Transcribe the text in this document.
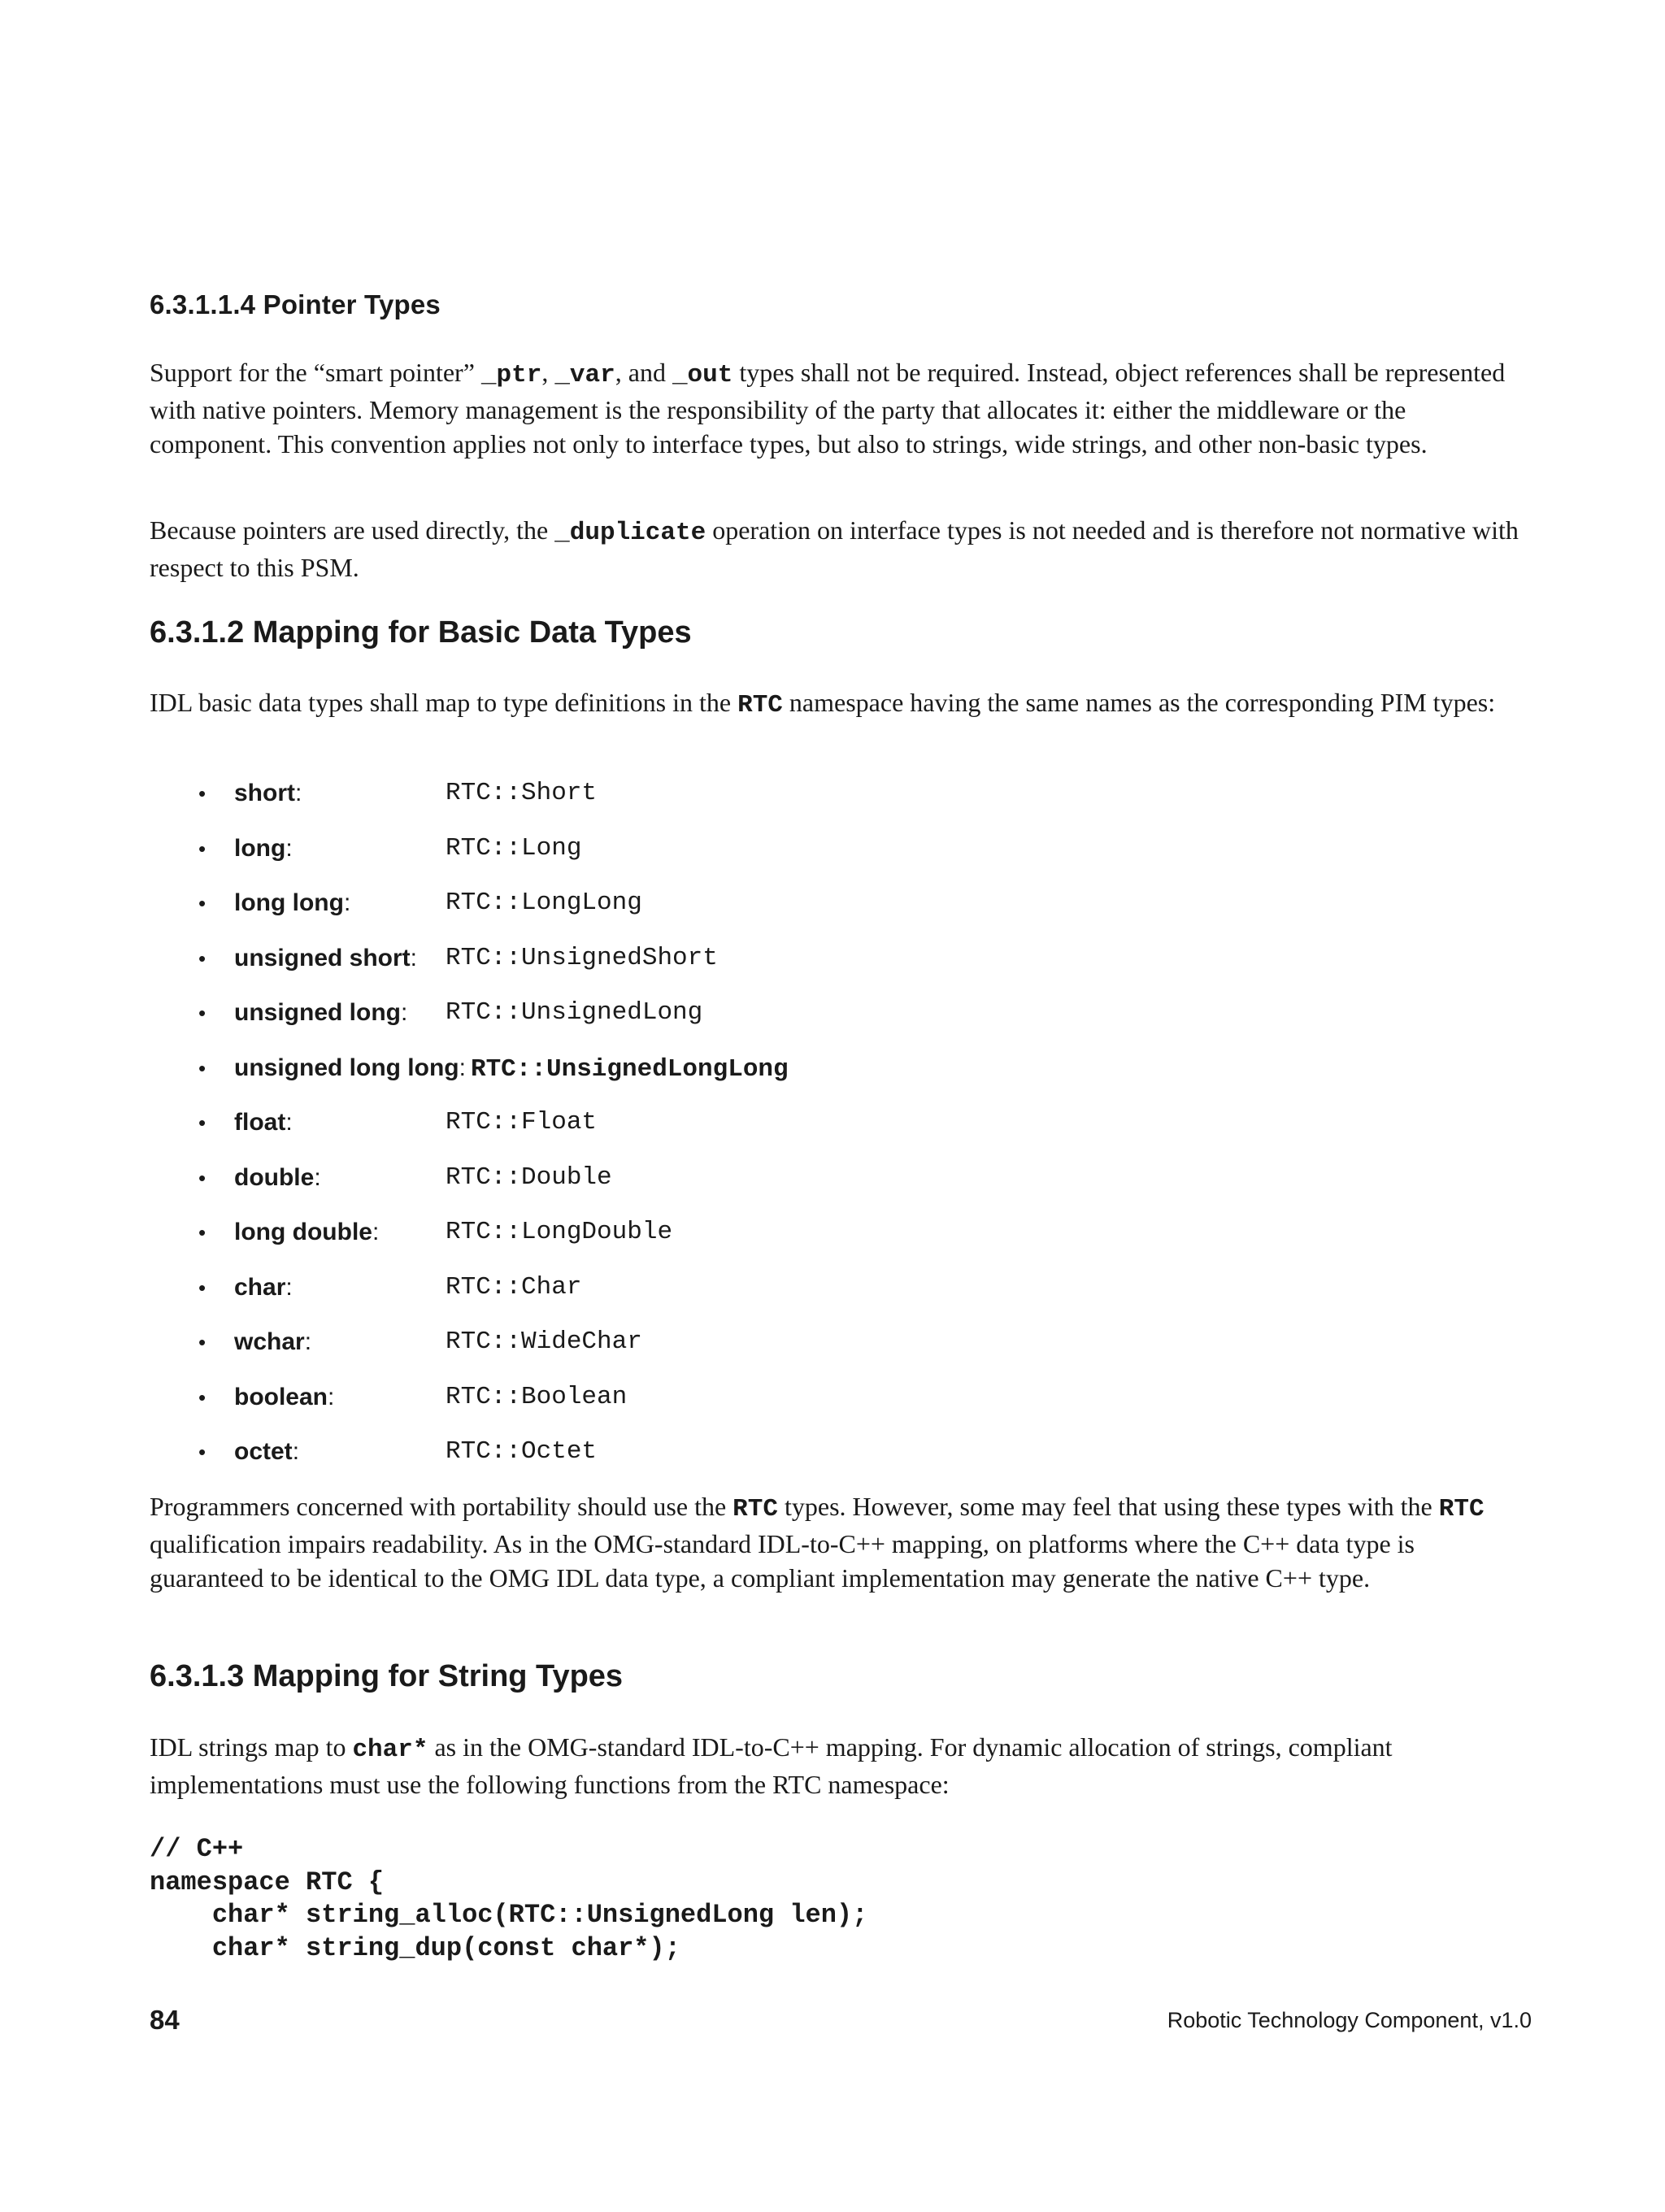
6.3.1.1.4 Pointer Types

Support for the “smart pointer” _ptr, _var, and _out types shall not be required. Instead, object references shall be represented with native pointers. Memory management is the responsibility of the party that allocates it: either the middleware or the component. This convention applies not only to interface types, but also to strings, wide strings, and other non-basic types.

Because pointers are used directly, the _duplicate operation on interface types is not needed and is therefore not normative with respect to this PSM.

6.3.1.2 Mapping for Basic Data Types

IDL basic data types shall map to type definitions in the RTC namespace having the same names as the corresponding PIM types:

• short:	RTC::Short
• long:	RTC::Long
• long long:	RTC::LongLong
• unsigned short: RTC::UnsignedShort
• unsigned long: RTC::UnsignedLong
• unsigned long long: RTC::UnsignedLongLong
• float:	RTC::Float
• double:	RTC::Double
• long double:	RTC::LongDouble
• char:	RTC::Char
• wchar:	RTC::WideChar
• boolean:	RTC::Boolean
• octet:	RTC::Octet

Programmers concerned with portability should use the RTC types. However, some may feel that using these types with the RTC qualification impairs readability. As in the OMG-standard IDL-to-C++ mapping, on platforms where the C++ data type is guaranteed to be identical to the OMG IDL data type, a compliant implementation may generate the native C++ type.

6.3.1.3 Mapping for String Types

IDL strings map to char* as in the OMG-standard IDL-to-C++ mapping. For dynamic allocation of strings, compliant implementations must use the following functions from the RTC namespace:

// C++
namespace RTC {
char* string_alloc(RTC::UnsignedLong len);
char* string_dup(const char*);
84	Robotic Technology Component, v1.0
